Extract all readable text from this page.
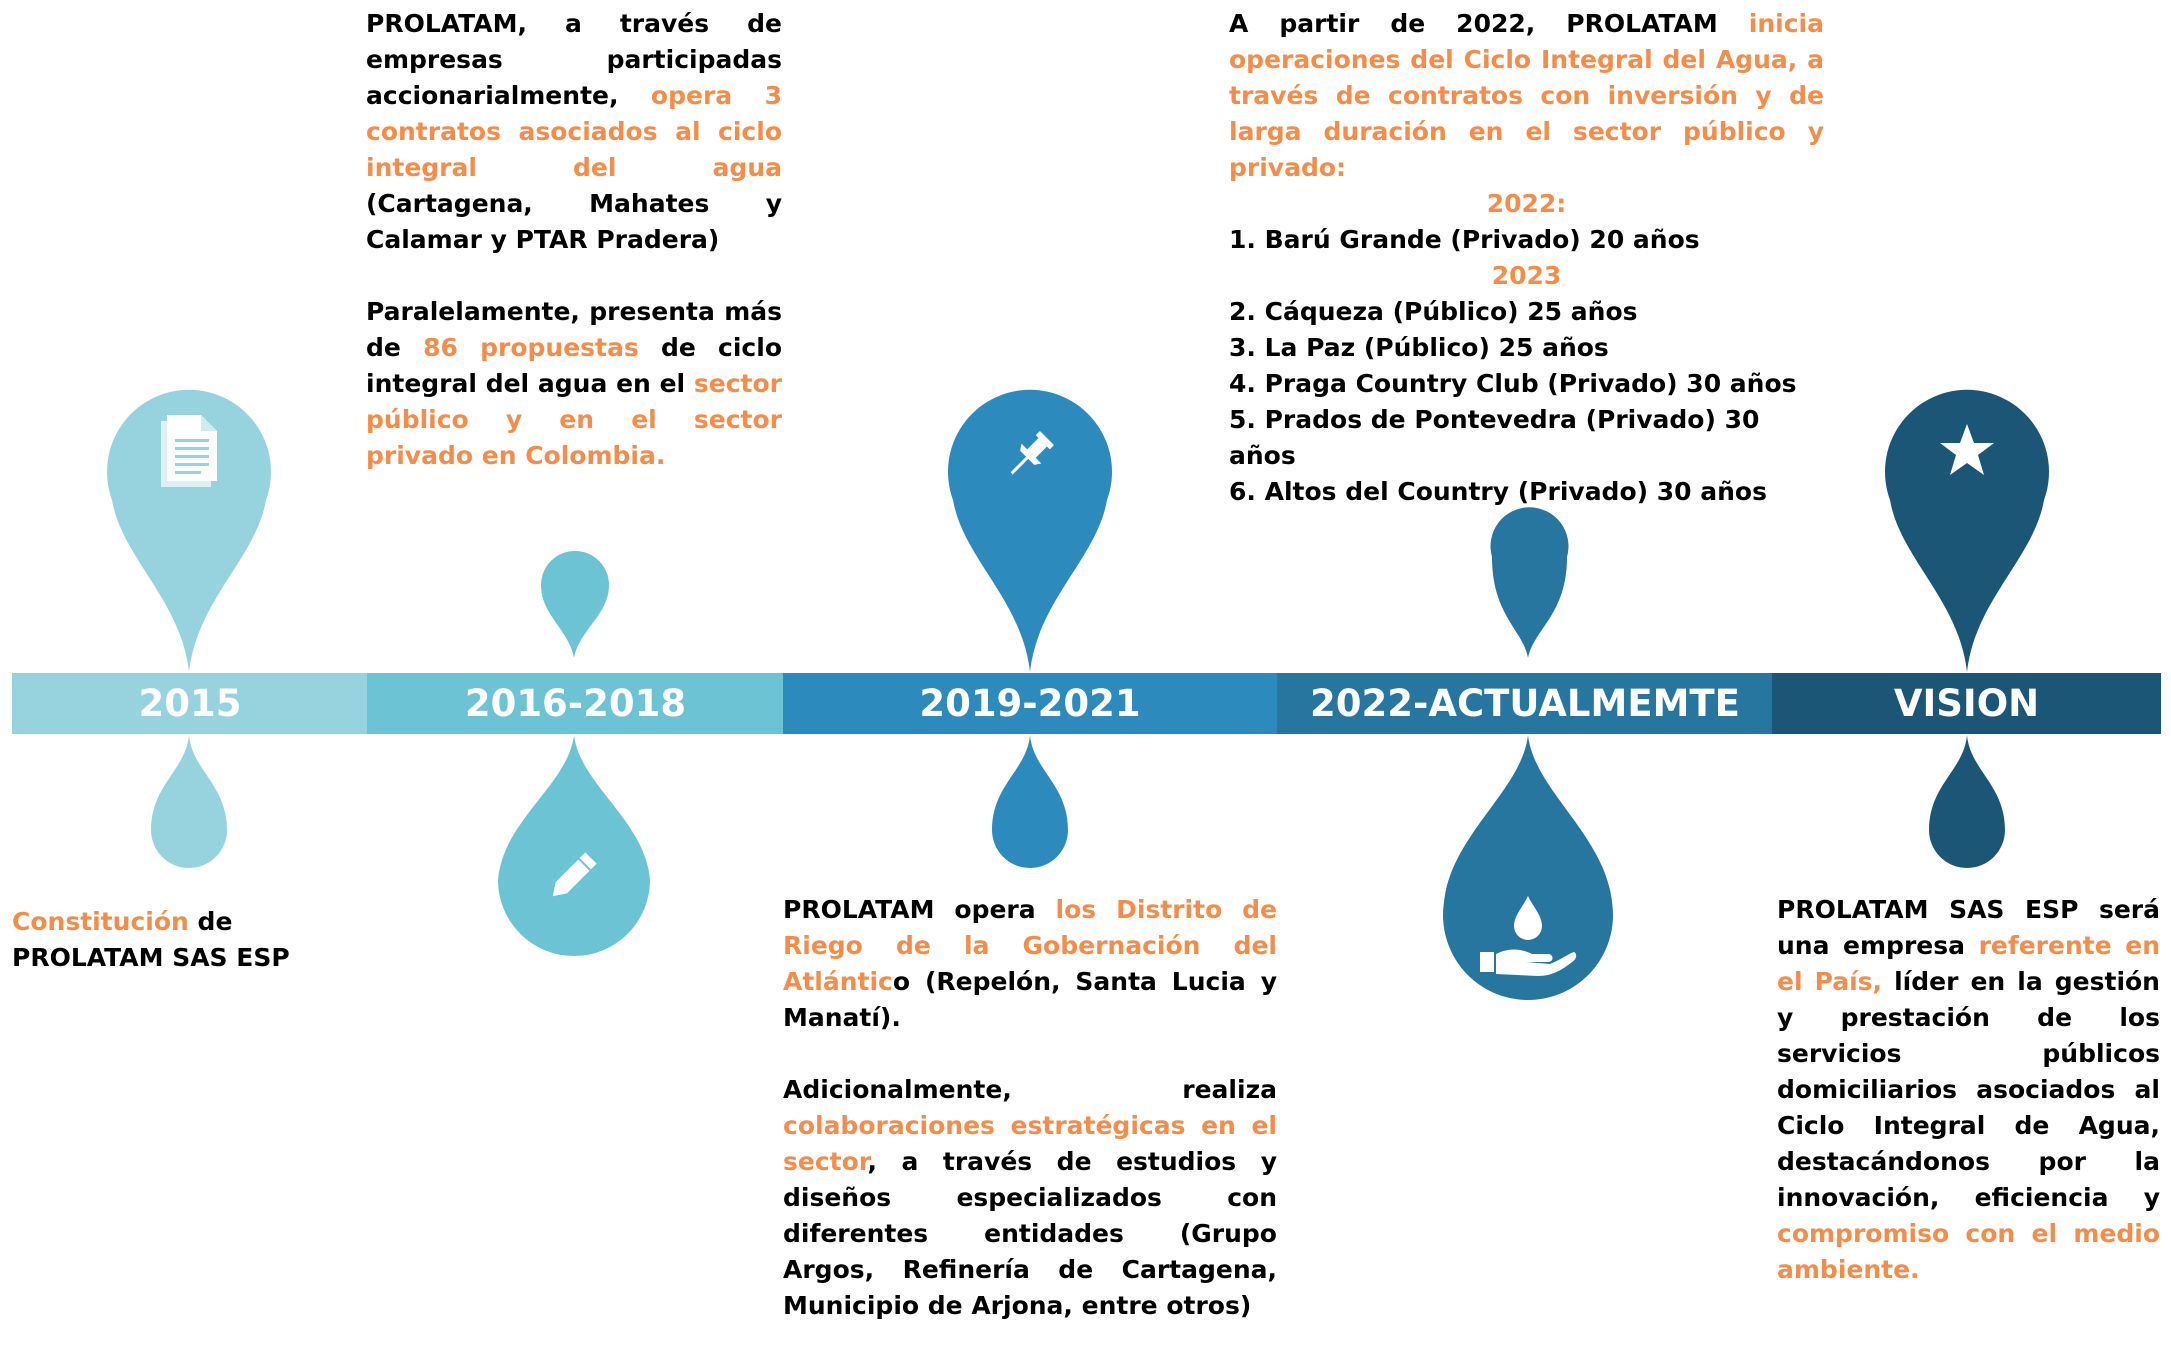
2015	2016-2018	2019-2021	2022-ACTUALMEMTE	VISION

Constitución de PROLATAM SAS ESP

PROLATAM, a través de empresas participadas accionarialmente, opera 3 contratos asociados al ciclo integral del agua (Cartagena, Mahates y Calamar y PTAR Pradera)

Paralelamente, presenta más de 86 propuestas de ciclo integral del agua en el sector público y en el sector privado en Colombia.

PROLATAM opera los Distrito de Riego de la Gobernación del Atlántico (Repelón, Santa Lucia y Manatí).

Adicionalmente, realiza colaboraciones estratégicas en el sector, a través de estudios y diseños especializados con diferentes entidades (Grupo Argos, Refinería de Cartagena, Municipio de Arjona, entre otros)

A partir de 2022, PROLATAM inicia operaciones del Ciclo Integral del Agua, a través de contratos con inversión y de larga duración en el sector público y privado:

2022:

1. Barú Grande (Privado) 20 años

2023

2. Cáqueza (Público) 25 años

3. La Paz (Público) 25 años

4. Praga Country Club (Privado) 30 años

5. Prados de Pontevedra (Privado) 30 años

6. Altos del Country (Privado) 30 años

PROLATAM SAS ESP será una empresa referente en el País, líder en la gestión y prestación de los servicios públicos domiciliarios asociados al Ciclo Integral de Agua, destacándonos por la innovación, eficiencia y compromiso con el medio ambiente.
